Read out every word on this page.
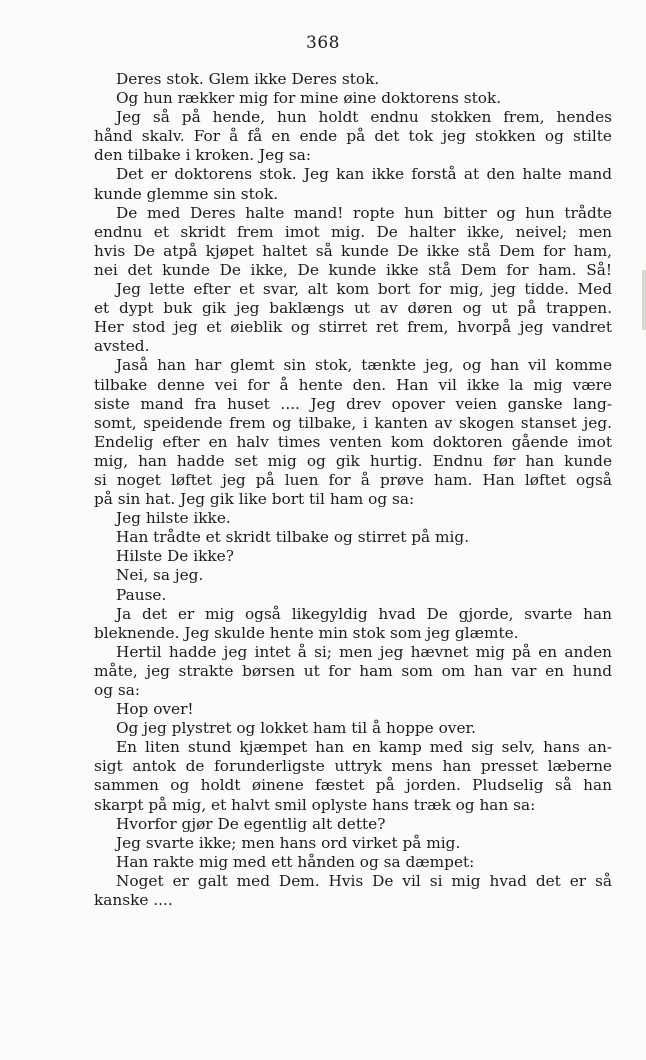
368
Deres stok. Glem ikke Deres stok.
Og hun rækker mig for mine øine doktorens stok.
Jeg så på hende, hun holdt endnu stokken frem, hendes
hånd skalv. For å få en ende på det tok jeg stokken og stilte
den tilbake i kroken. Jeg sa:
Det er doktorens stok. Jeg kan ikke forstå at den halte mand
kunde glemme sin stok.
De med Deres halte mand! ropte hun bitter og hun trådte
endnu et skridt frem imot mig. De halter ikke, neivel; men
hvis De atpå kjøpet haltet så kunde De ikke stå Dem for ham,
nei det kunde De ikke, De kunde ikke stå Dem for ham. Så!
Jeg lette efter et svar, alt kom bort for mig, jeg tidde. Med
et dypt buk gik jeg baklængs ut av døren og ut på trappen.
Her stod jeg et øieblik og stirret ret frem, hvorpå jeg vandret
avsted.
Jaså han har glemt sin stok, tænkte jeg, og han vil komme
tilbake denne vei for å hente den. Han vil ikke la mig være
siste mand fra huset .... Jeg drev opover veien ganske lang-
somt, speidende frem og tilbake, i kanten av skogen stanset jeg.
Endelig efter en halv times venten kom doktoren gående imot
mig, han hadde set mig og gik hurtig. Endnu før han kunde
si noget løftet jeg på luen for å prøve ham. Han løftet også
på sin hat. Jeg gik like bort til ham og sa:
Jeg hilste ikke.
Han trådte et skridt tilbake og stirret på mig.
Hilste De ikke?
Nei, sa jeg.
Pause.
Ja det er mig også likegyldig hvad De gjorde, svarte han
bleknende. Jeg skulde hente min stok som jeg glæmte.
Hertil hadde jeg intet å si; men jeg hævnet mig på en anden
måte, jeg strakte børsen ut for ham som om han var en hund
og sa:
Hop over!
Og jeg plystret og lokket ham til å hoppe over.
En liten stund kjæmpet han en kamp med sig selv, hans an-
sigt antok de forunderligste uttryk mens han presset læberne
sammen og holdt øinene fæstet på jorden. Pludselig så han
skarpt på mig, et halvt smil oplyste hans træk og han sa:
Hvorfor gjør De egentlig alt dette?
Jeg svarte ikke; men hans ord virket på mig.
Han rakte mig med ett hånden og sa dæmpet:
Noget er galt med Dem. Hvis De vil si mig hvad det er så
kanske ....
